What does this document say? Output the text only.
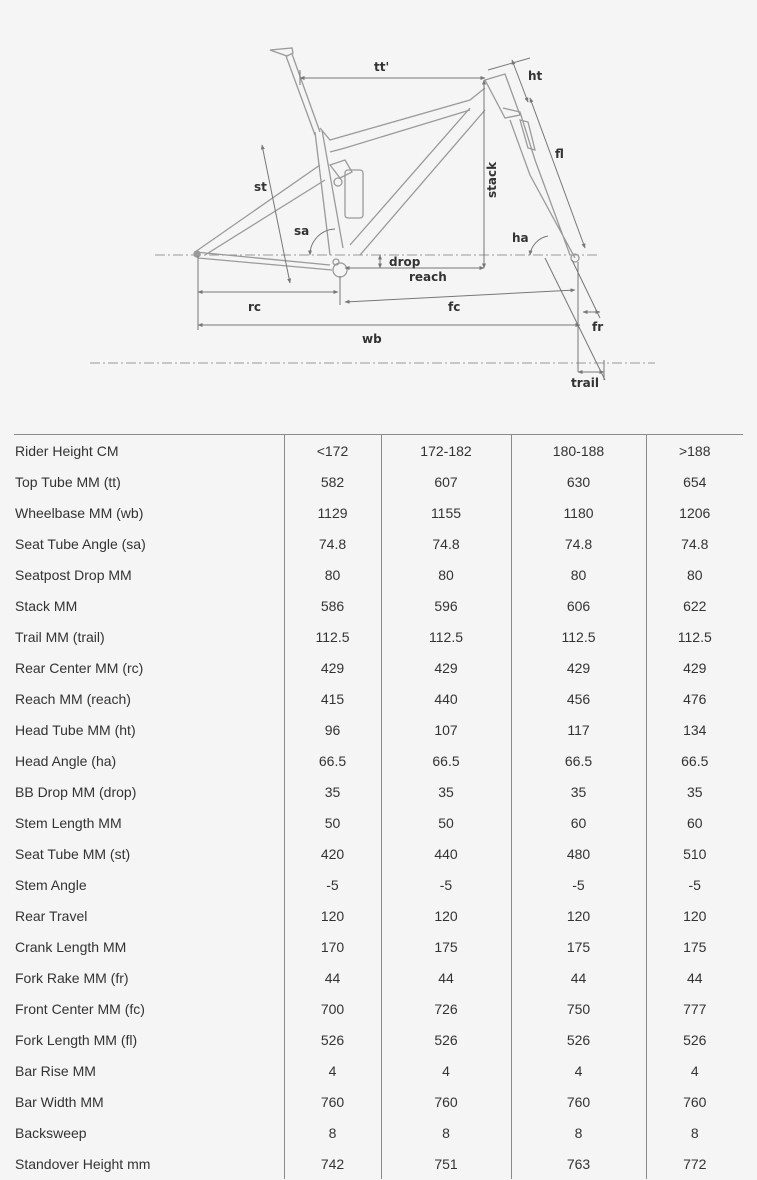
tt'
ht
st	stack
fl
sa	ha
drop
reach
rc	fc
wb
fr
trail
Rider Height CM	<172	172-182	180-188	>188
Top Tube MM (tt)	582	607	630	654
Wheelbase MM (wb)	1129	1155	1180	1206
Seat Tube Angle (sa)	74.8	74.8	74.8	74.8
Seatpost Drop MM	80	80	80	80
Stack MM	586	596	606	622
Trail MM (trail)	112.5	112.5	112.5	112.5
Rear Center MM (rc)	429	429	429	429
Reach MM (reach)	415	440	456	476
Head Tube MM (ht)	96	107	117	134
Head Angle (ha)	66.5	66.5	66.5	66.5
BB Drop MM (drop)	35	35	35	35
Stem Length MM	50	50	60	60
Seat Tube MM (st)	420	440	480	510
Stem Angle	-5	-5	-5	-5
Rear Travel	120	120	120	120
Crank Length MM	170	175	175	175
Fork Rake MM (fr)	44	44	44	44
Front Center MM (fc)	700	726	750	777
Fork Length MM (fl)	526	526	526	526
Bar Rise MM	4	4	4	4
Bar Width MM	760	760	760	760
Backsweep	8	8	8	8
Standover Height mm	742	751	763	772
